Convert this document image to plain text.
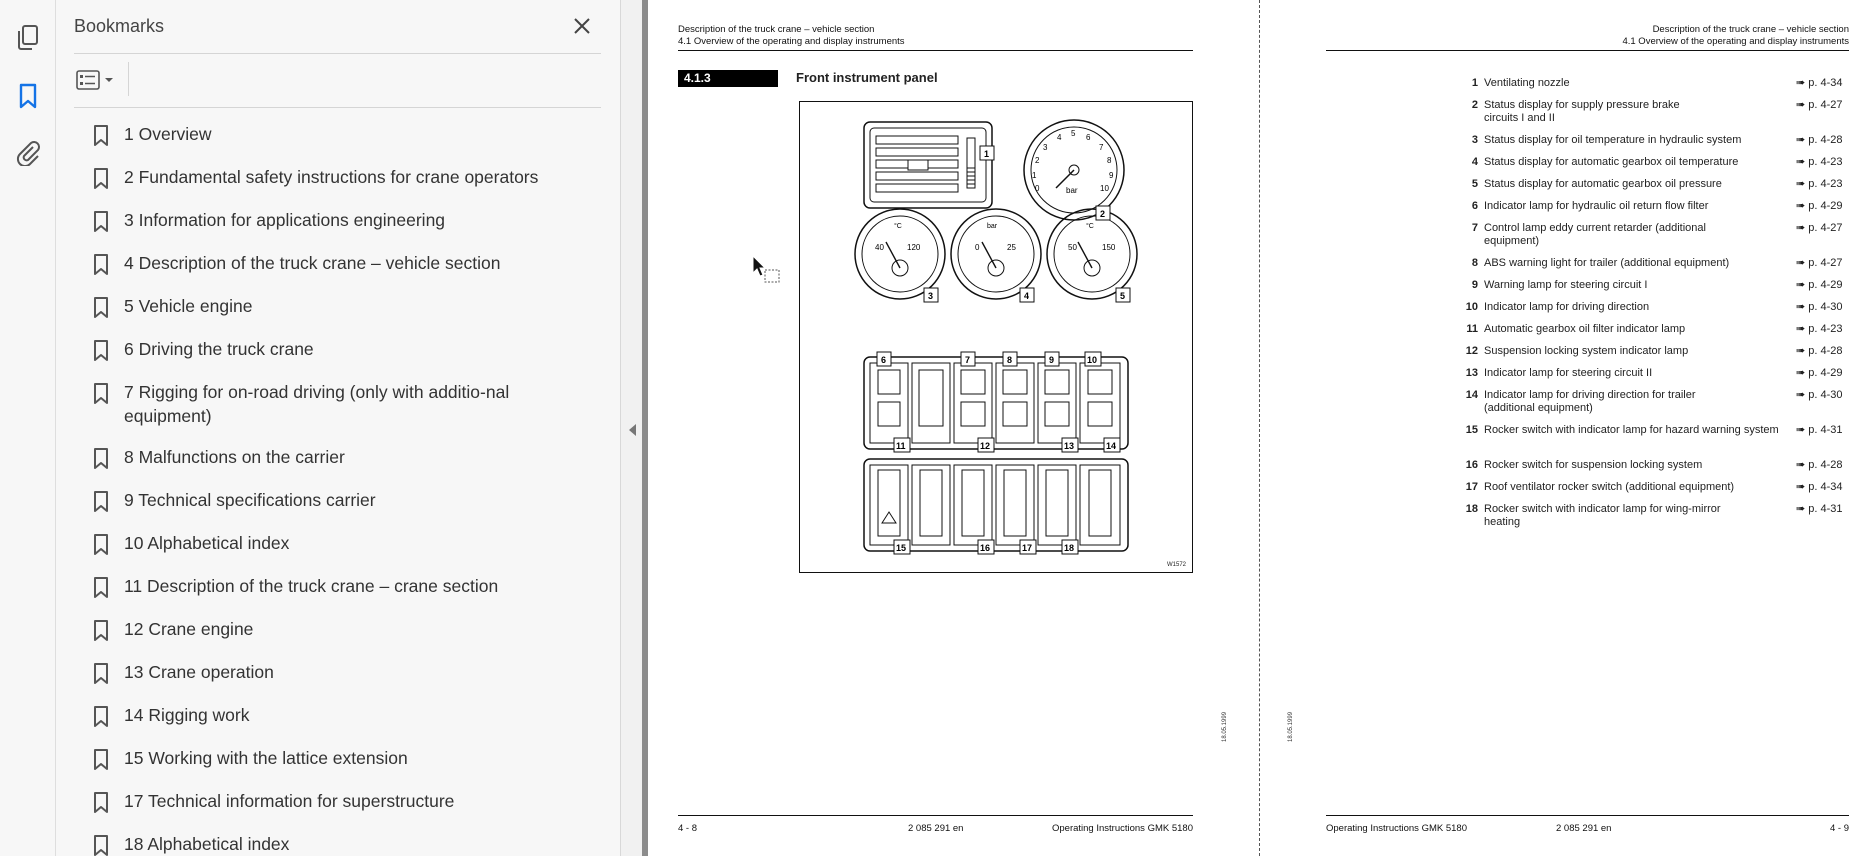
Bookmarks
1 Overview
2 Fundamental safety instructions for crane operators
3 Information for applications engineering
4 Description of the truck crane – vehicle section
5 Vehicle engine
6 Driving the truck crane
7 Rigging for on-road driving (only with additio-nal equipment)
8 Malfunctions on the carrier
9 Technical specifications carrier
10 Alphabetical index
11 Description of the truck crane – crane section
12 Crane engine
13 Crane operation
14 Rigging work
15 Working with the lattice extension
17 Technical information for superstructure
18 Alphabetical index
Description of the truck crane – vehicle section
4.1 Overview of the operating and display instruments
4.1.3	Front instrument panel
0
1
2
3
4 5 6
7
8
9
10
bar
°C
40	120
bar
0	25
°C
50	150
1
2
3	4	5
6	7	8	9	10
11	12	13	14
15	16	17	18
W1572
18.05.1999
4 - 8	2 085 291 en	Operating Instructions GMK 5180
Description of the truck crane – vehicle section
4.1 Overview of the operating and display instruments
1 Ventilating nozzle	➠ p. 4-34
2 Status display for supply pressure brake circuits I and II
➠ p. 4-27
3 Status display for oil temperature in hydraulic system	➠ p. 4-28
4 Status display for automatic gearbox oil temperature	➠ p. 4-23
5 Status display for automatic gearbox oil pressure	➠ p. 4-23
6 Indicator lamp for hydraulic oil return flow filter	➠ p. 4-29
7 Control lamp eddy current retarder (additional equipment)
➠ p. 4-27
8 ABS warning light for trailer (additional equipment)	➠ p. 4-27
9 Warning lamp for steering circuit I	➠ p. 4-29
10 Indicator lamp for driving direction	➠ p. 4-30
11 Automatic gearbox oil filter indicator lamp	➠ p. 4-23
12 Suspension locking system indicator lamp	➠ p. 4-28
13 Indicator lamp for steering circuit II	➠ p. 4-29
14 Indicator lamp for driving direction for trailer (additional equipment)
➠ p. 4-30
15 Rocker switch with indicator lamp for hazard warning system	➠ p. 4-31
16 Rocker switch for suspension locking system	➠ p. 4-28
17 Roof ventilator rocker switch (additional equipment)	➠ p. 4-34
18 Rocker switch with indicator lamp for wing-mirror heating
➠ p. 4-31
18.05.1999
Operating Instructions GMK 5180	2 085 291 en	4 - 9
